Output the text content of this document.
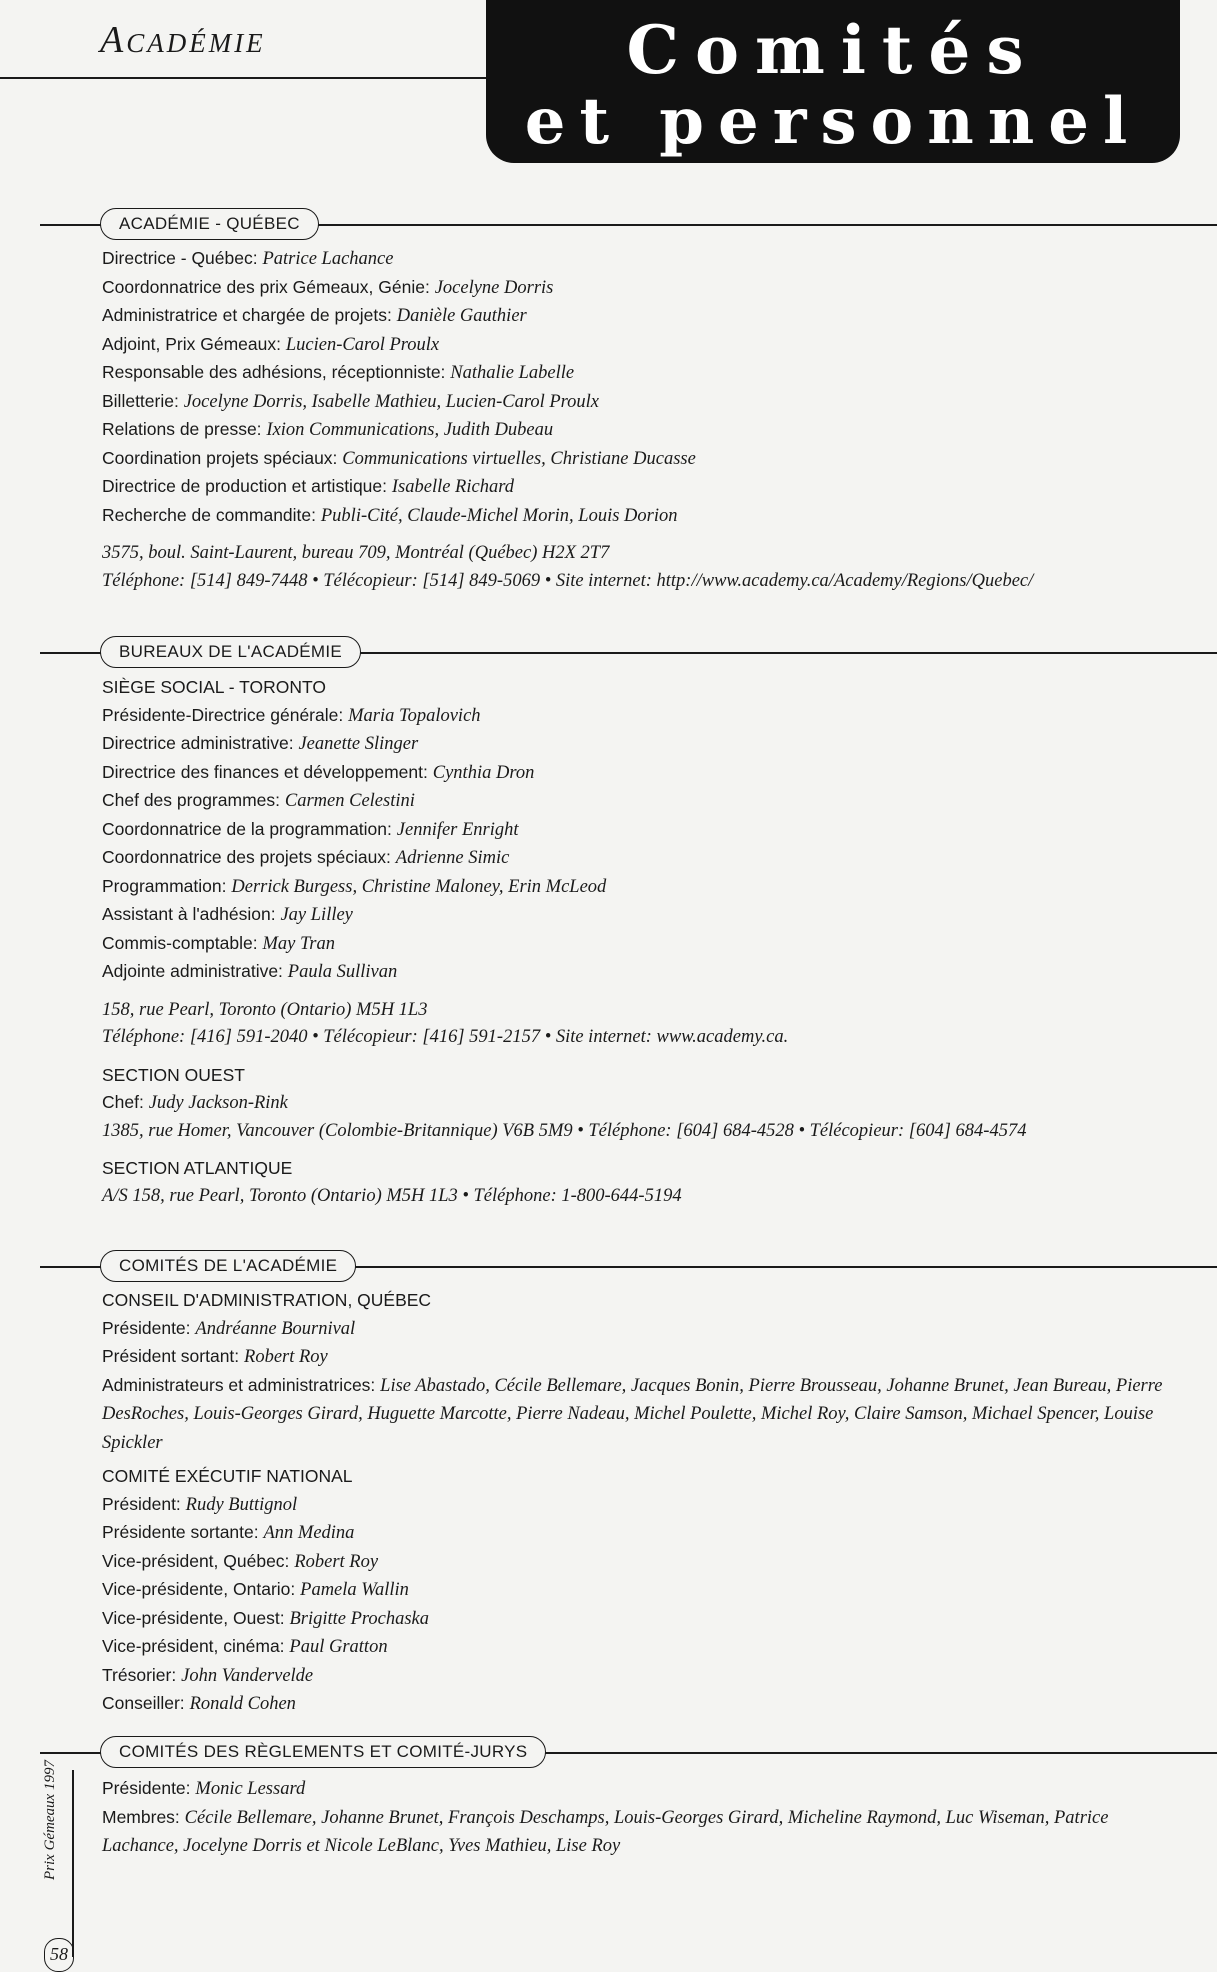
Académie	Comités
et personnel
ACADÉMIE - QUÉBEC
Directrice - Québec: Patrice Lachance
Coordonnatrice des prix Gémeaux, Génie: Jocelyne Dorris
Administratrice et chargée de projets: Danièle Gauthier
Adjoint, Prix Gémeaux: Lucien-Carol Proulx
Responsable des adhésions, réceptionniste: Nathalie Labelle
Billetterie: Jocelyne Dorris, Isabelle Mathieu, Lucien-Carol Proulx
Relations de presse: Ixion Communications, Judith Dubeau
Coordination projets spéciaux: Communications virtuelles, Christiane Ducasse
Directrice de production et artistique: Isabelle Richard
Recherche de commandite: Publi-Cité, Claude-Michel Morin, Louis Dorion
3575, boul. Saint-Laurent, bureau 709, Montréal (Québec) H2X 2T7
Téléphone: [514] 849-7448 • Télécopieur: [514] 849-5069 • Site internet: http://www.academy.ca/Academy/Regions/Quebec/
BUREAUX DE L'ACADÉMIE
SIÈGE SOCIAL - TORONTO
Présidente-Directrice générale: Maria Topalovich
Directrice administrative: Jeanette Slinger
Directrice des finances et développement: Cynthia Dron
Chef des programmes: Carmen Celestini
Coordonnatrice de la programmation: Jennifer Enright
Coordonnatrice des projets spéciaux: Adrienne Simic
Programmation: Derrick Burgess, Christine Maloney, Erin McLeod
Assistant à l'adhésion: Jay Lilley
Commis-comptable: May Tran
Adjointe administrative: Paula Sullivan
158, rue Pearl, Toronto (Ontario) M5H 1L3
Téléphone: [416] 591-2040 • Télécopieur: [416] 591-2157 • Site internet: www.academy.ca.
SECTION OUEST
Chef: Judy Jackson-Rink
1385, rue Homer, Vancouver (Colombie-Britannique) V6B 5M9 • Téléphone: [604] 684-4528 • Télécopieur: [604] 684-4574
SECTION ATLANTIQUE
A/S 158, rue Pearl, Toronto (Ontario) M5H 1L3 • Téléphone: 1-800-644-5194
COMITÉS DE L'ACADÉMIE
CONSEIL D'ADMINISTRATION, QUÉBEC
Présidente: Andréanne Bournival
Président sortant: Robert Roy
Administrateurs et administratrices: Lise Abastado, Cécile Bellemare, Jacques Bonin, Pierre Brousseau, Johanne Brunet, Jean Bureau, Pierre DesRoches, Louis-Georges Girard, Huguette Marcotte, Pierre Nadeau, Michel Poulette, Michel Roy, Claire Samson, Michael Spencer, Louise Spickler
COMITÉ EXÉCUTIF NATIONAL
Président: Rudy Buttignol
Présidente sortante: Ann Medina
Vice-président, Québec: Robert Roy
Vice-présidente, Ontario: Pamela Wallin
Vice-présidente, Ouest: Brigitte Prochaska
Vice-président, cinéma: Paul Gratton
Trésorier: John Vandervelde
Conseiller: Ronald Cohen
COMITÉS DES RÈGLEMENTS ET COMITÉ-JURYS
Présidente: Monic Lessard
Membres: Cécile Bellemare, Johanne Brunet, François Deschamps, Louis-Georges Girard, Micheline Raymond, Luc Wiseman, Patrice Lachance, Jocelyne Dorris et Nicole LeBlanc, Yves Mathieu, Lise Roy
Prix Gémeaux 1997
58
